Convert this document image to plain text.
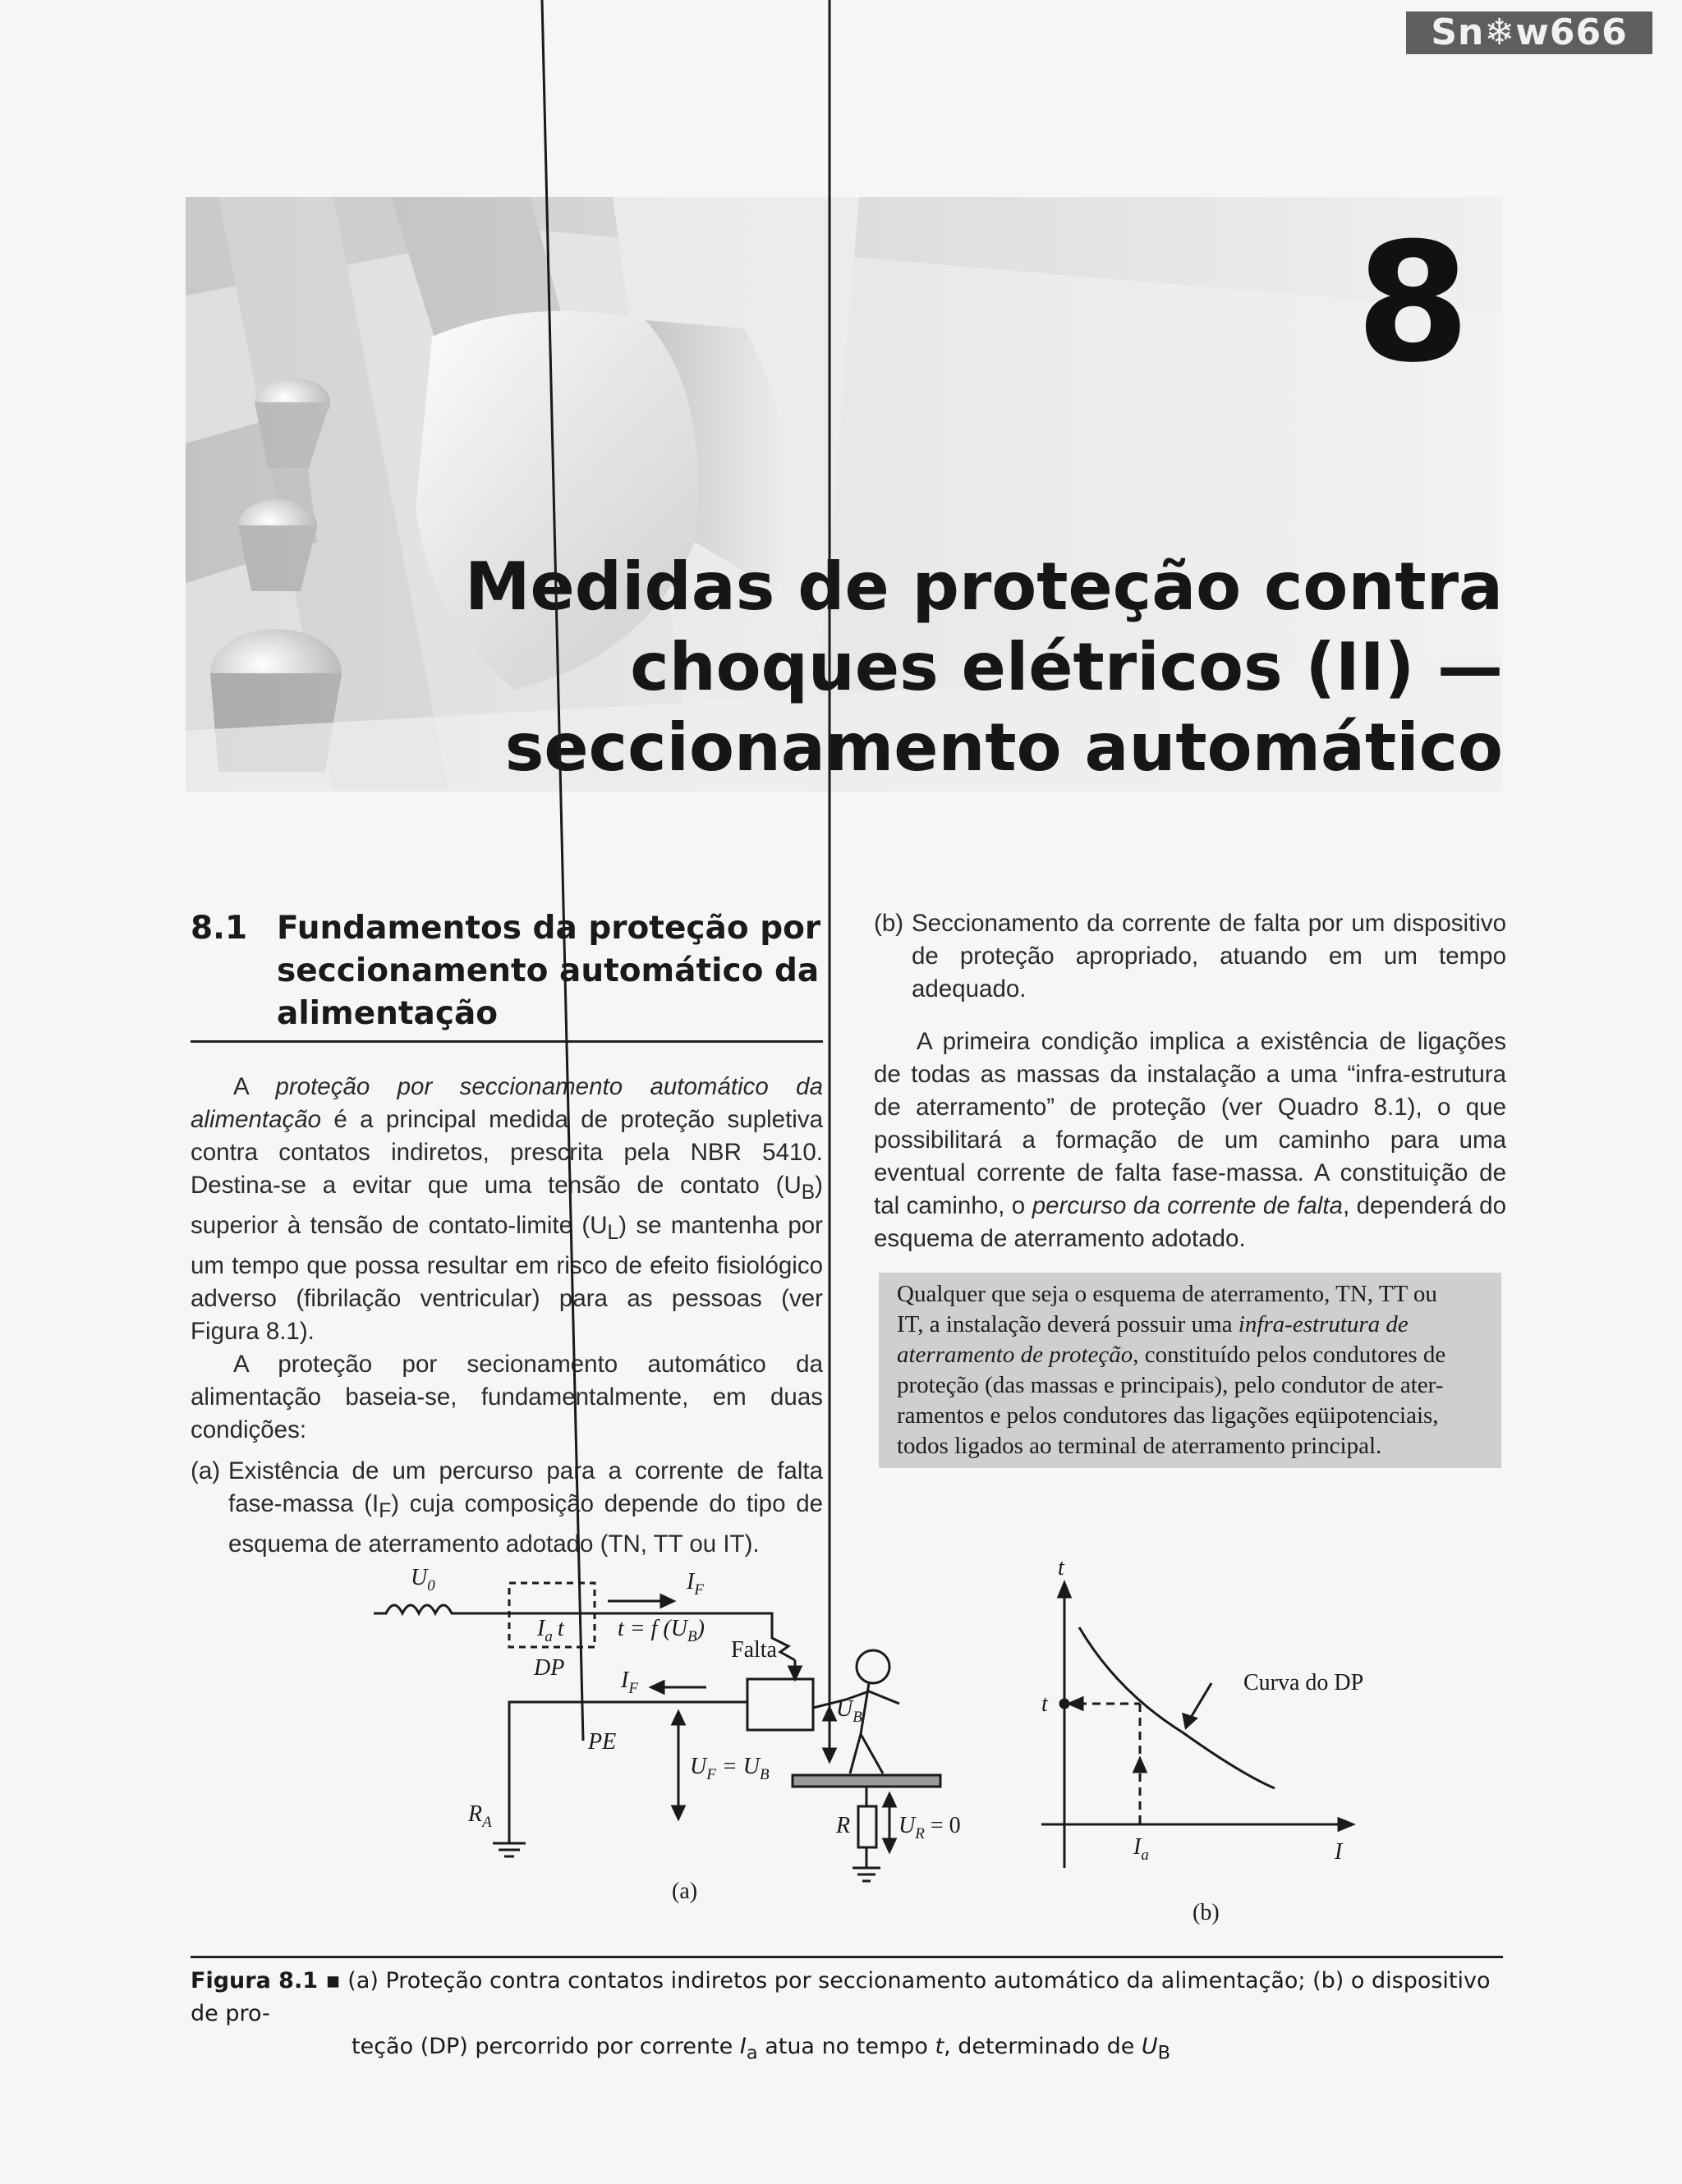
Sn❄w666
8
Medidas de proteção contra
choques elétricos (II) —
seccionamento automático
8.1 Fundamentos da proteção por
seccionamento automático da
alimentação

A proteção por seccionamento automático da alimentação é a principal medida de proteção supletiva contra contatos indiretos, prescrita pela NBR 5410. Destina-se a evitar que uma tensão de contato $(U_B)$ superior à tensão de contato-limite $(U_L)$ se mantenha por um tempo que possa resultar em risco de efeito fisiológico adverso (fibrilação ventricular) para as pessoas (ver Figura 8.1).

A proteção por secionamento automático da alimentação baseia-se, fundamentalmente, em duas condições:

(a) Existência de um percurso para a corrente de falta fase-massa $(I_F)$ cuja composição depende do tipo de esquema de aterramento adotado (TN, TT ou IT).

(b) Seccionamento da corrente de falta por um dispositivo de proteção apropriado, atuando em um tempo adequado.

A primeira condição implica a existência de ligações de todas as massas da instalação a uma “infra-estrutura de aterramento” de proteção (ver Quadro 8.1), o que possibilitará a formação de um caminho para uma eventual corrente de falta fase-massa. A constituição de tal caminho, o percurso da corrente de falta, dependerá do esquema de aterramento adotado.

Qualquer que seja o esquema de aterramento, TN, TT ou
IT, a instalação deverá possuir uma infra-estrutura de
aterramento de proteção, constituído pelos condutores de
proteção (das massas e principais), pelo condutor de ater-
ramentos e pelos condutores das ligações eqüipotenciais,
todos ligados ao terminal de aterramento principal.
$U_0$	$I_F$
$I_a$ t t = f $(U_B)$
DP
Falta
$I_F$
PE
$U_F = U_B$
$U_B$
$R_A$	R $U_R = 0$
(a)
t
I
t
$I_a$
Curva do DP
(b)
Figura 8.1 ▪ (a) Proteção contra contatos indiretos por seccionamento automático da alimentação; (b) o dispositivo de pro-
teção (DP) percorrido por corrente $I_a$ atua no tempo t, determinado de $U_B$
